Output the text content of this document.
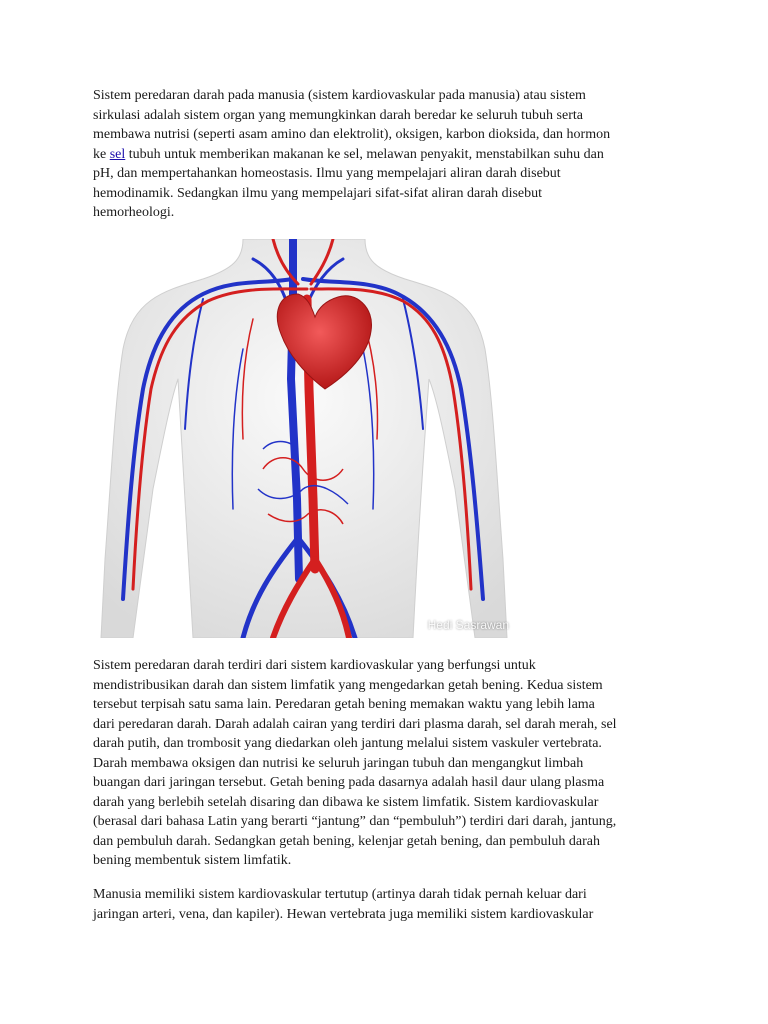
Sistem peredaran darah pada manusia (sistem kardiovaskular pada manusia) atau sistem
sirkulasi adalah sistem organ yang memungkinkan darah beredar ke seluruh tubuh serta
membawa nutrisi (seperti asam amino dan elektrolit), oksigen, karbon dioksida, dan hormon
ke sel tubuh untuk memberikan makanan ke sel, melawan penyakit, menstabilkan suhu dan
pH, dan mempertahankan homeostasis. Ilmu yang mempelajari aliran darah disebut
hemodinamik. Sedangkan ilmu yang mempelajari sifat-sifat aliran darah disebut
hemorheologi.

Hedi Sasrawan

Sistem peredaran darah terdiri dari sistem kardiovaskular yang berfungsi untuk
mendistribusikan darah dan sistem limfatik yang mengedarkan getah bening. Kedua sistem
tersebut terpisah satu sama lain. Peredaran getah bening memakan waktu yang lebih lama
dari peredaran darah. Darah adalah cairan yang terdiri dari plasma darah, sel darah merah, sel
darah putih, dan trombosit yang diedarkan oleh jantung melalui sistem vaskuler vertebrata.
Darah membawa oksigen dan nutrisi ke seluruh jaringan tubuh dan mengangkut limbah
buangan dari jaringan tersebut. Getah bening pada dasarnya adalah hasil daur ulang plasma
darah yang berlebih setelah disaring dan dibawa ke sistem limfatik. Sistem kardiovaskular
(berasal dari bahasa Latin yang berarti “jantung” dan “pembuluh”) terdiri dari darah, jantung,
dan pembuluh darah. Sedangkan getah bening, kelenjar getah bening, dan pembuluh darah
bening membentuk sistem limfatik.

Manusia memiliki sistem kardiovaskular tertutup (artinya darah tidak pernah keluar dari
jaringan arteri, vena, dan kapiler). Hewan vertebrata juga memiliki sistem kardiovaskular
